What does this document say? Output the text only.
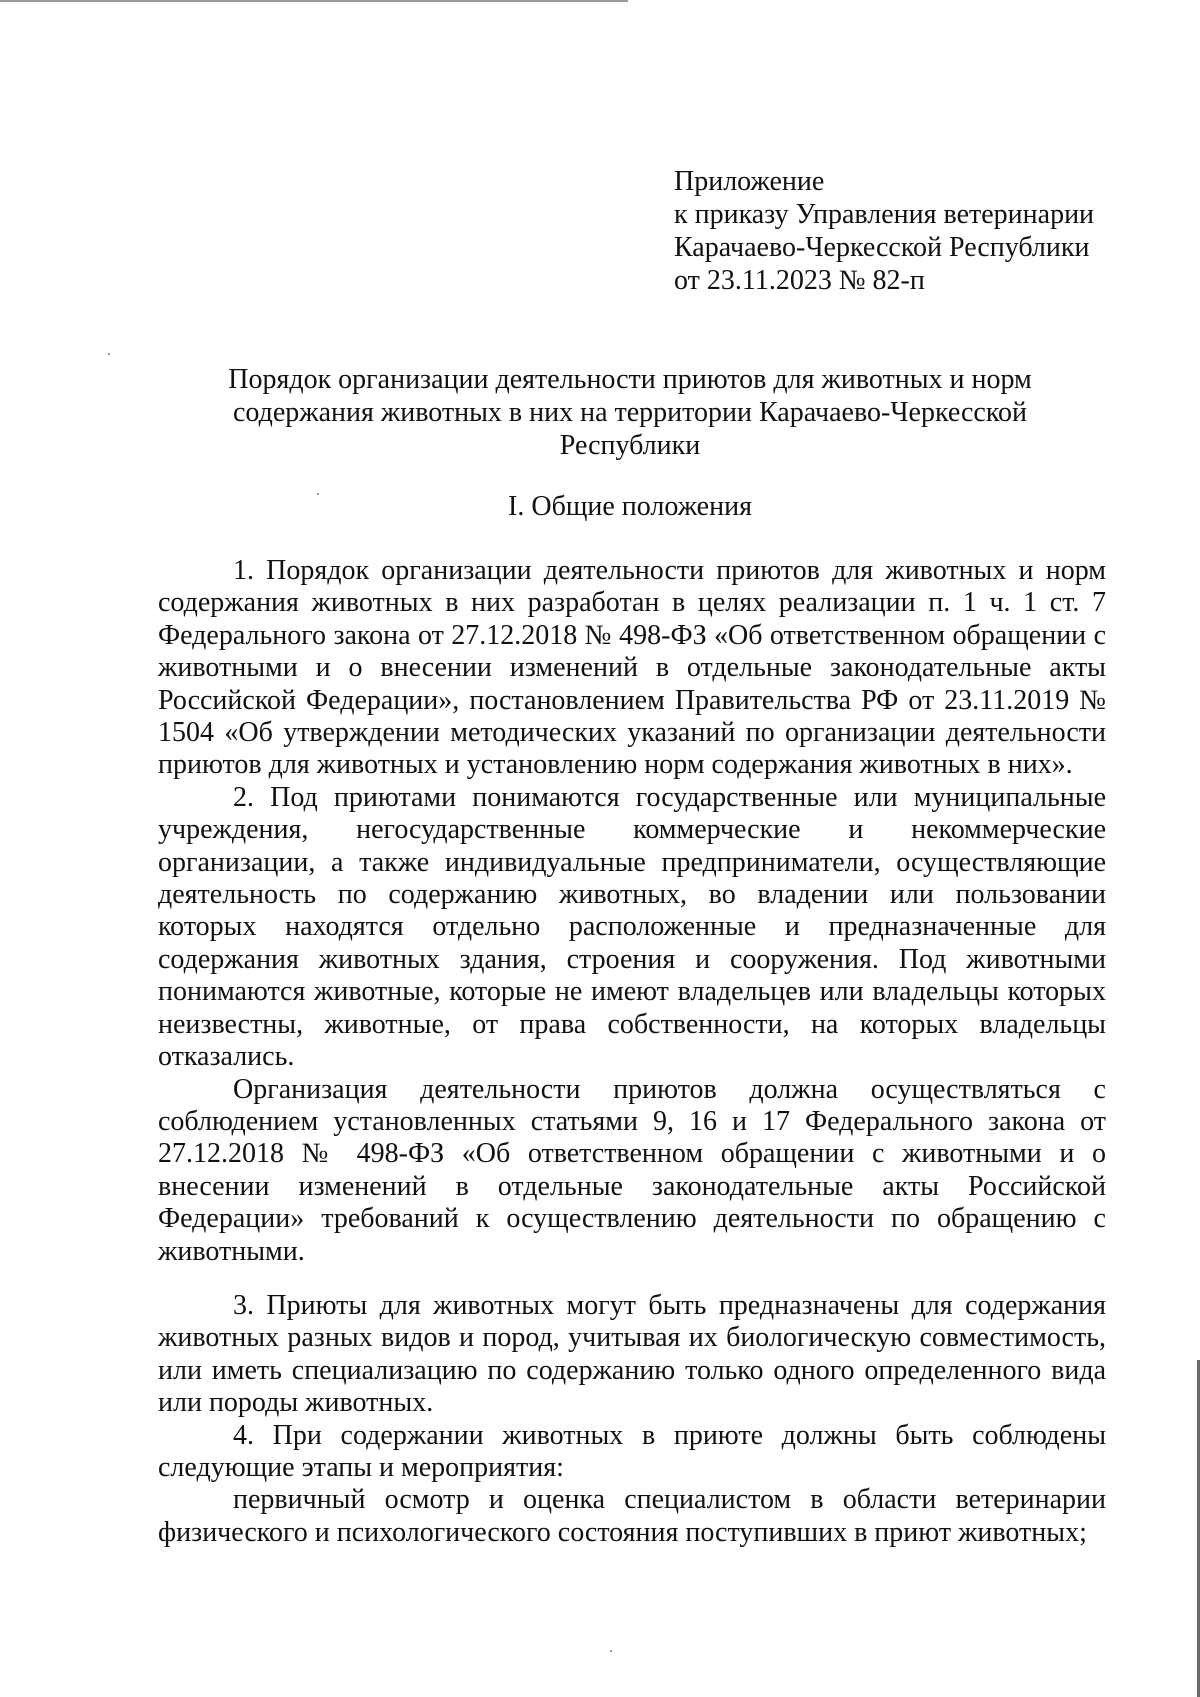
Приложение
к приказу Управления ветеринарии
Карачаево-Черкесской Республики
от 23.11.2023 № 82-п
Порядок организации деятельности приютов для животных и норм
содержания животных в них на территории Карачаево-Черкесской
Республики
I. Общие положения

1. Порядок организации деятельности приютов для животных и норм содержания животных в них разработан в целях реализации п. 1 ч. 1 ст. 7 Федерального закона от 27.12.2018 № 498-ФЗ «Об ответственном обращении с животными и о внесении изменений в отдельные законодательные акты Российской Федерации», постановлением Правительства РФ от 23.11.2019 № 1504 «Об утверждении методических указаний по организации деятельности приютов для животных и установлению норм содержания животных в них».

2. Под приютами понимаются государственные или муниципальные учреждения, негосударственные коммерческие и некоммерческие организации, а также индивидуальные предприниматели, осуществляющие деятельность по содержанию животных, во владении или пользовании которых находятся отдельно расположенные и предназначенные для содержания животных здания, строения и сооружения. Под животными понимаются животные, которые не имеют владельцев или владельцы которых неизвестны, животные, от права собственности, на которых владельцы отказались.

Организация деятельности приютов должна осуществляться с соблюдением установленных статьями 9, 16 и 17 Федерального закона от 27.12.2018 № 498-ФЗ «Об ответственном обращении с животными и о внесении изменений в отдельные законодательные акты Российской Федерации» требований к осуществлению деятельности по обращению с животными.

3. Приюты для животных могут быть предназначены для содержания животных разных видов и пород, учитывая их биологическую совместимость, или иметь специализацию по содержанию только одного определенного вида или породы животных.

4. При содержании животных в приюте должны быть соблюдены следующие этапы и мероприятия:

первичный осмотр и оценка специалистом в области ветеринарии физического и психологического состояния поступивших в приют животных;
